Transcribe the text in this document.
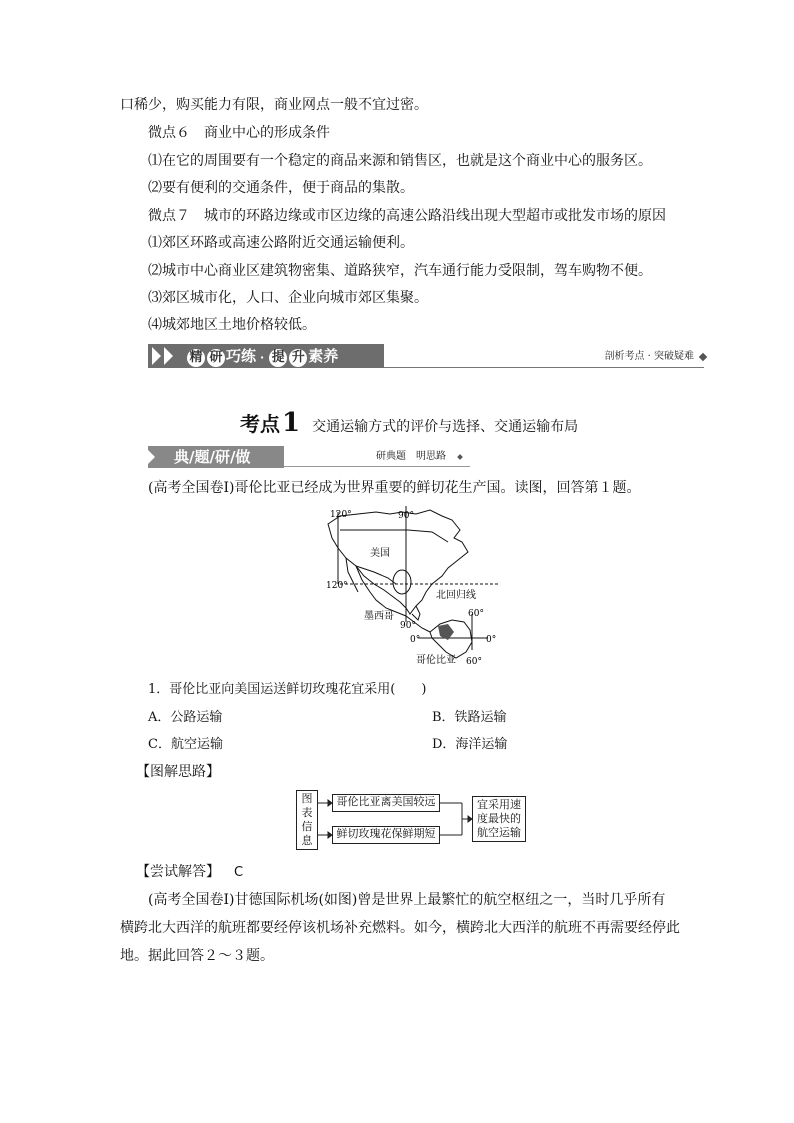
口稀少，购买能力有限，商业网点一般不宜过密。
微点６　商业中心的形成条件
⑴在它的周围要有一个稳定的商品来源和销售区，也就是这个商业中心的服务区。
⑵要有便利的交通条件，便于商品的集散。
微点７　城市的环路边缘或市区边缘的高速公路沿线出现大型超市或批发市场的原因
⑴郊区环路或高速公路附近交通运输便利。
⑵城市中心商业区建筑物密集、道路狭窄，汽车通行能力受限制，驾车购物不便。
⑶郊区城市化，人口、企业向城市郊区集聚。
⑷城郊地区土地价格较低。
精 研 巧练 · 提 升 素养	剖析考点 · 突破疑难
考点1 交通运输方式的评价与选择、交通运输布局
典/题/研/做	研典题　明思路
(高考全国卷Ⅰ)哥伦比亚已经成为世界重要的鲜切花生产国。读图，回答第１题。
120°	90°
美国
120°
北回归线
墨西哥	60°
90°
0°
0°
哥伦比亚 60°
1．哥伦比亚向美国运送鲜切玫瑰花宜采用(　　)
A．公路运输	B．铁路运输
C．航空运输	D．海洋运输
【图解思路】
图表信息
哥伦比亚离美国较远
鲜切玫瑰花保鲜期短
宜采用速度最快的航空运输
【尝试解答】 C
(高考全国卷Ⅰ)甘德国际机场(如图)曾是世界上最繁忙的航空枢纽之一，当时几乎所有
横跨北大西洋的航班都要经停该机场补充燃料。如今，横跨北大西洋的航班不再需要经停此
地。据此回答２～３题。
